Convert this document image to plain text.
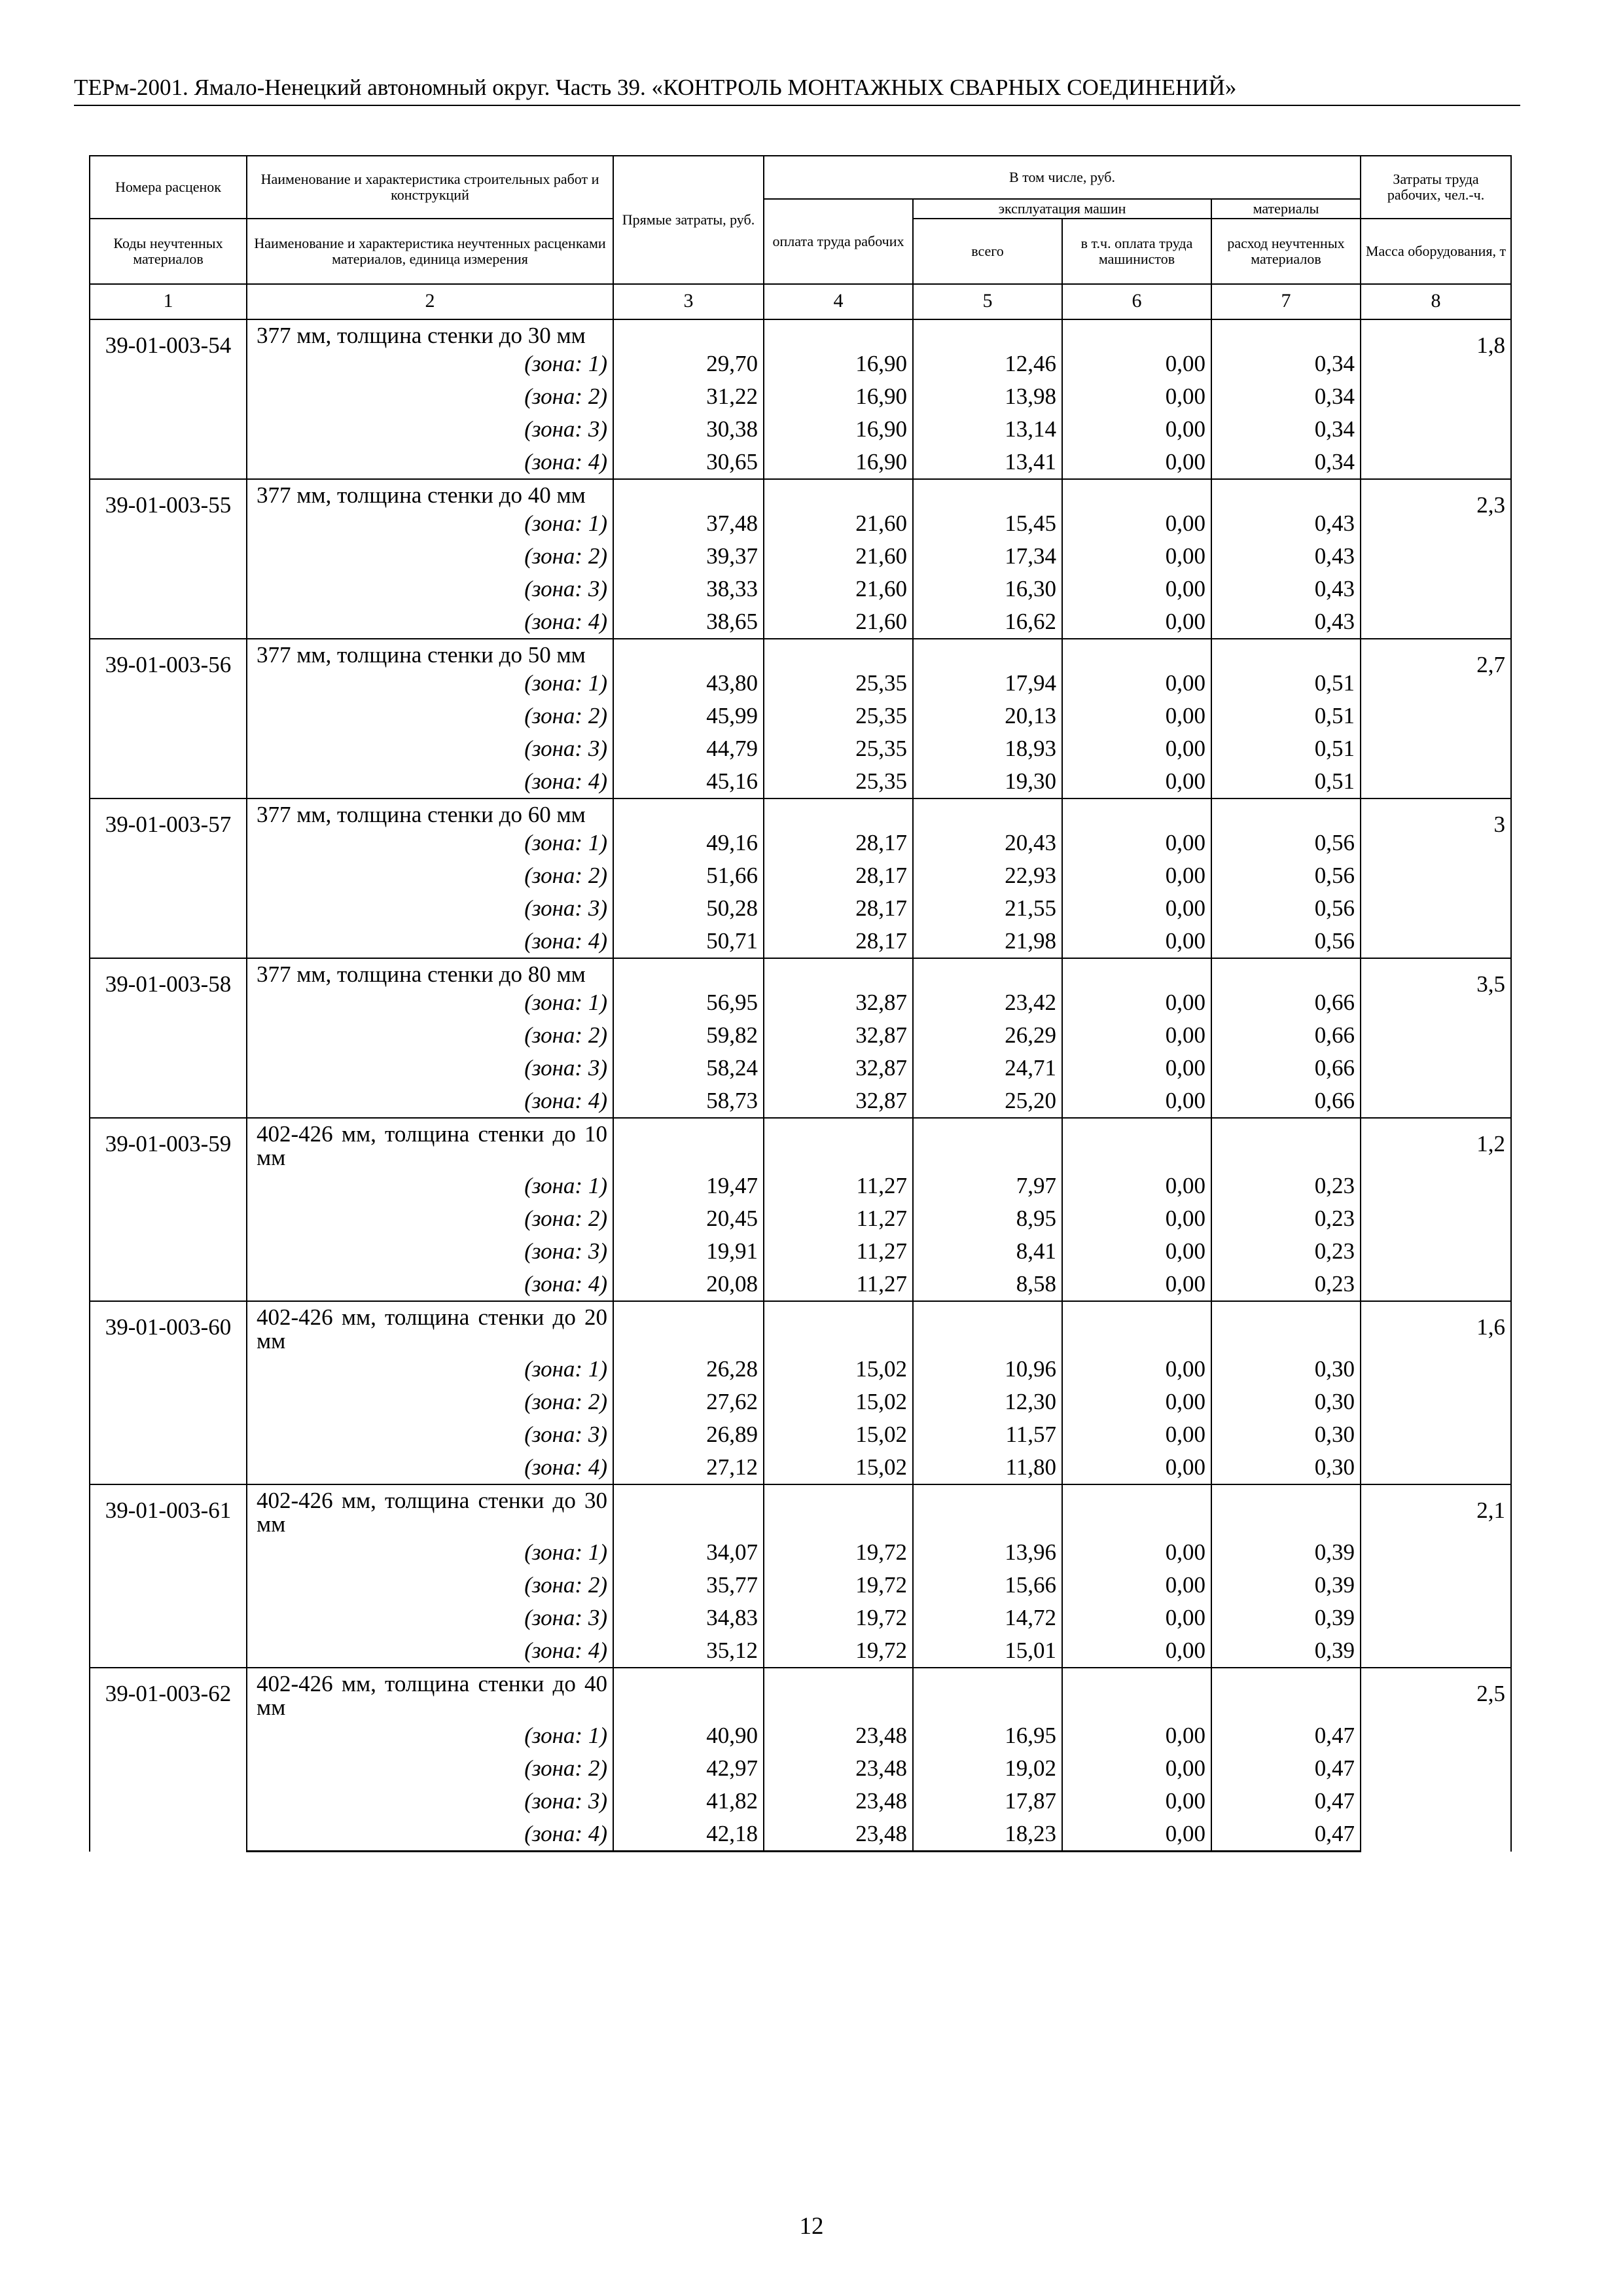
ТЕРм-2001. Ямало-Ненецкий автономный округ. Часть 39. «КОНТРОЛЬ МОНТАЖНЫХ СВАРНЫХ СОЕДИНЕНИЙ»
Номера расценок	Наименование и характеристика строительных работ и конструкций	Прямые затраты, руб.	В том числе, руб.				Затраты труда рабочих, чел.-ч.
			оплата труда рабочих	эксплуатация машин		материалы	
Коды неучтенных материалов	Наименование и характеристика неучтенных расценками материалов, единица измерения			всего	в т.ч. оплата труда машинистов	расход неучтенных материалов	Масса оборудования, т
1	2	3	4	5	6	7	8
39-01-003-54	377 мм, толщина стенки до 30 мм						1,8
	(зона: 1)	29,70	16,90	12,46	0,00	0,34	
	(зона: 2)	31,22	16,90	13,98	0,00	0,34	
	(зона: 3)	30,38	16,90	13,14	0,00	0,34	
	(зона: 4)	30,65	16,90	13,41	0,00	0,34	
39-01-003-55	377 мм, толщина стенки до 40 мм						2,3
	(зона: 1)	37,48	21,60	15,45	0,00	0,43	
	(зона: 2)	39,37	21,60	17,34	0,00	0,43	
	(зона: 3)	38,33	21,60	16,30	0,00	0,43	
	(зона: 4)	38,65	21,60	16,62	0,00	0,43	
39-01-003-56	377 мм, толщина стенки до 50 мм						2,7
	(зона: 1)	43,80	25,35	17,94	0,00	0,51	
	(зона: 2)	45,99	25,35	20,13	0,00	0,51	
	(зона: 3)	44,79	25,35	18,93	0,00	0,51	
	(зона: 4)	45,16	25,35	19,30	0,00	0,51	
39-01-003-57	377 мм, толщина стенки до 60 мм						3
	(зона: 1)	49,16	28,17	20,43	0,00	0,56	
	(зона: 2)	51,66	28,17	22,93	0,00	0,56	
	(зона: 3)	50,28	28,17	21,55	0,00	0,56	
	(зона: 4)	50,71	28,17	21,98	0,00	0,56	
39-01-003-58	377 мм, толщина стенки до 80 мм						3,5
	(зона: 1)	56,95	32,87	23,42	0,00	0,66	
	(зона: 2)	59,82	32,87	26,29	0,00	0,66	
	(зона: 3)	58,24	32,87	24,71	0,00	0,66	
	(зона: 4)	58,73	32,87	25,20	0,00	0,66	
39-01-003-59	402-426 мм, толщина стенки до 10 мм						1,2
	(зона: 1)	19,47	11,27	7,97	0,00	0,23	
	(зона: 2)	20,45	11,27	8,95	0,00	0,23	
	(зона: 3)	19,91	11,27	8,41	0,00	0,23	
	(зона: 4)	20,08	11,27	8,58	0,00	0,23	
39-01-003-60	402-426 мм, толщина стенки до 20 мм						1,6
	(зона: 1)	26,28	15,02	10,96	0,00	0,30	
	(зона: 2)	27,62	15,02	12,30	0,00	0,30	
	(зона: 3)	26,89	15,02	11,57	0,00	0,30	
	(зона: 4)	27,12	15,02	11,80	0,00	0,30	
39-01-003-61	402-426 мм, толщина стенки до 30 мм						2,1
	(зона: 1)	34,07	19,72	13,96	0,00	0,39	
	(зона: 2)	35,77	19,72	15,66	0,00	0,39	
	(зона: 3)	34,83	19,72	14,72	0,00	0,39	
	(зона: 4)	35,12	19,72	15,01	0,00	0,39	
39-01-003-62	402-426 мм, толщина стенки до 40 мм						2,5
	(зона: 1)	40,90	23,48	16,95	0,00	0,47	
	(зона: 2)	42,97	23,48	19,02	0,00	0,47	
	(зона: 3)	41,82	23,48	17,87	0,00	0,47	
	(зона: 4)	42,18	23,48	18,23	0,00	0,47	
12
